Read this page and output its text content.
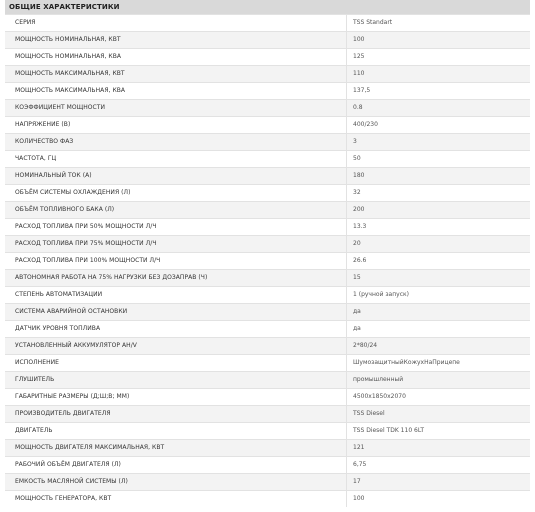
ОБЩИЕ ХАРАКТЕРИСТИКИ
СЕРИЯ	TSS Standart
МОЩНОСТЬ НОМИНАЛЬНАЯ, КВТ	100
МОЩНОСТЬ НОМИНАЛЬНАЯ, КВА	125
МОЩНОСТЬ МАКСИМАЛЬНАЯ, КВТ	110
МОЩНОСТЬ МАКСИМАЛЬНАЯ, КВА	137,5
КОЭФФИЦИЕНТ МОЩНОСТИ	0.8
НАПРЯЖЕНИЕ (В)	400/230
КОЛИЧЕСТВО ФАЗ	3
ЧАСТОТА, ГЦ	50
НОМИНАЛЬНЫЙ ТОК (А)	180
ОБЪЁМ СИСТЕМЫ ОХЛАЖДЕНИЯ (Л)	32
ОБЪЁМ ТОПЛИВНОГО БАКА (Л)	200
РАСХОД ТОПЛИВА ПРИ 50% МОЩНОСТИ Л/Ч	13.3
РАСХОД ТОПЛИВА ПРИ 75% МОЩНОСТИ Л/Ч	20
РАСХОД ТОПЛИВА ПРИ 100% МОЩНОСТИ Л/Ч	26.6
АВТОНОМНАЯ РАБОТА НА 75% НАГРУЗКИ БЕЗ ДОЗАПРАВ (Ч)	15
СТЕПЕНЬ АВТОМАТИЗАЦИИ	1 (ручной запуск)
СИСТЕМА АВАРИЙНОЙ ОСТАНОВКИ	да
ДАТЧИК УРОВНЯ ТОПЛИВА	да
УСТАНОВЛЕННЫЙ АККУМУЛЯТОР AH/V	2*80/24
ИСПОЛНЕНИЕ	ШумозащитныйКожухНаПрицепе
ГЛУШИТЕЛЬ	промышленный
ГАБАРИТНЫЕ РАЗМЕРЫ (Д;Ш;В; ММ)	4500х1850х2070
ПРОИЗВОДИТЕЛЬ ДВИГАТЕЛЯ	TSS Diesel
ДВИГАТЕЛЬ	TSS Diesel TDK 110 6LT
МОЩНОСТЬ ДВИГАТЕЛЯ МАКСИМАЛЬНАЯ, КВТ	121
РАБОЧИЙ ОБЪЁМ ДВИГАТЕЛЯ (Л)	6,75
ЕМКОСТЬ МАСЛЯНОЙ СИСТЕМЫ (Л)	17
МОЩНОСТЬ ГЕНЕРАТОРА, КВТ	100
